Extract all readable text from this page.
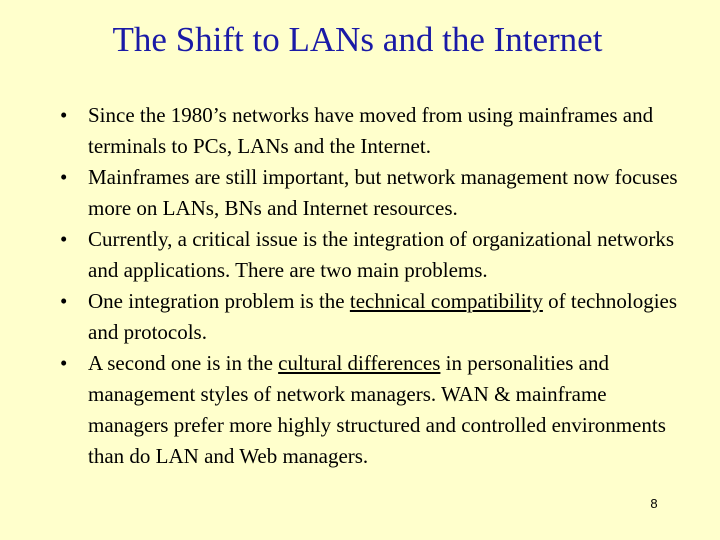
The Shift to LANs and the Internet
• Since the 1980’s networks have moved from using mainframes and terminals to PCs, LANs and the Internet.
• Mainframes are still important, but network management now focuses more on LANs, BNs and Internet resources.
• Currently, a critical issue is the integration of organizational networks and applications. There are two main problems.
• One integration problem is the technical compatibility of technologies and protocols.
• A second one is in the cultural differences in personalities and management styles of network managers. WAN & mainframe managers prefer more highly structured and controlled environments than do LAN and Web managers.
8
